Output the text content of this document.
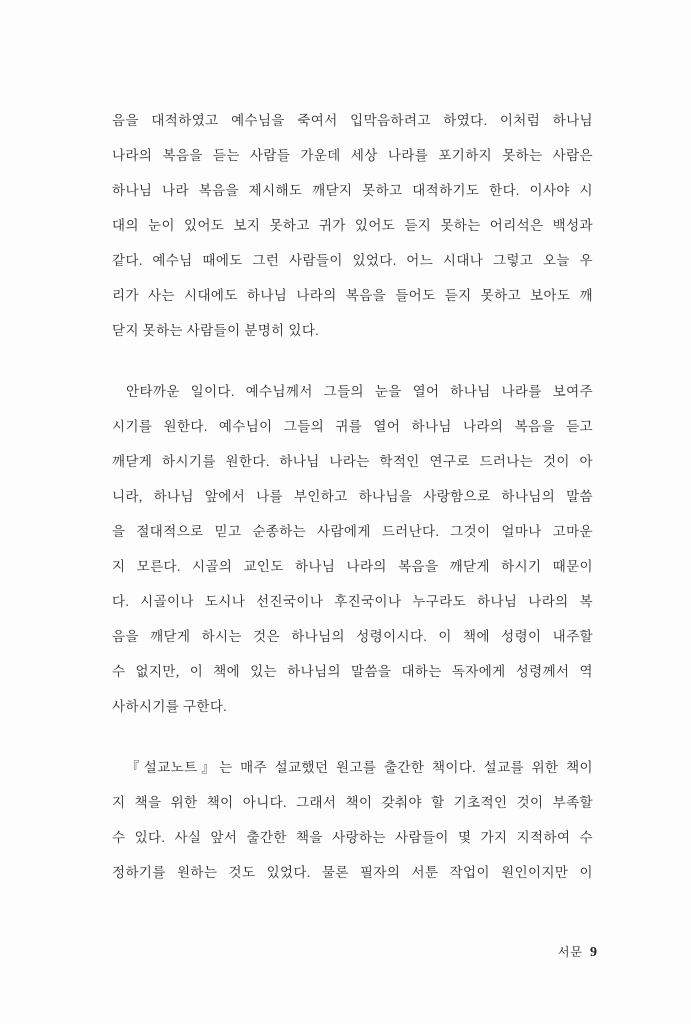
음을 대적하였고 예수님을 죽여서 입막음하려고 하였다. 이처럼 하나님
나라의 복음을 듣는 사람들 가운데 세상 나라를 포기하지 못하는 사람은
하나님 나라 복음을 제시해도 깨닫지 못하고 대적하기도 한다. 이사야 시
대의 눈이 있어도 보지 못하고 귀가 있어도 듣지 못하는 어리석은 백성과
같다. 예수님 때에도 그런 사람들이 있었다. 어느 시대나 그렇고 오늘 우
리가 사는 시대에도 하나님 나라의 복음을 들어도 듣지 못하고 보아도 깨
닫지 못하는 사람들이 분명히 있다.
안타까운 일이다. 예수님께서 그들의 눈을 열어 하나님 나라를 보여주
시기를 원한다. 예수님이 그들의 귀를 열어 하나님 나라의 복음을 듣고
깨닫게 하시기를 원한다. 하나님 나라는 학적인 연구로 드러나는 것이 아
니라, 하나님 앞에서 나를 부인하고 하나님을 사랑함으로 하나님의 말씀
을 절대적으로 믿고 순종하는 사람에게 드러난다. 그것이 얼마나 고마운
지 모른다. 시골의 교인도 하나님 나라의 복음을 깨닫게 하시기 때문이
다. 시골이나 도시나 선진국이나 후진국이나 누구라도 하나님 나라의 복
음을 깨닫게 하시는 것은 하나님의 성령이시다. 이 책에 성령이 내주할
수 없지만, 이 책에 있는 하나님의 말씀을 대하는 독자에게 성령께서 역
사하시기를 구한다.
『설교노트』는 매주 설교했던 원고를 출간한 책이다. 설교를 위한 책이
지 책을 위한 책이 아니다. 그래서 책이 갖춰야 할 기초적인 것이 부족할
수 있다. 사실 앞서 출간한 책을 사랑하는 사람들이 몇 가지 지적하여 수
정하기를 원하는 것도 있었다. 물론 필자의 서툰 작업이 원인이지만 이
서문 9
